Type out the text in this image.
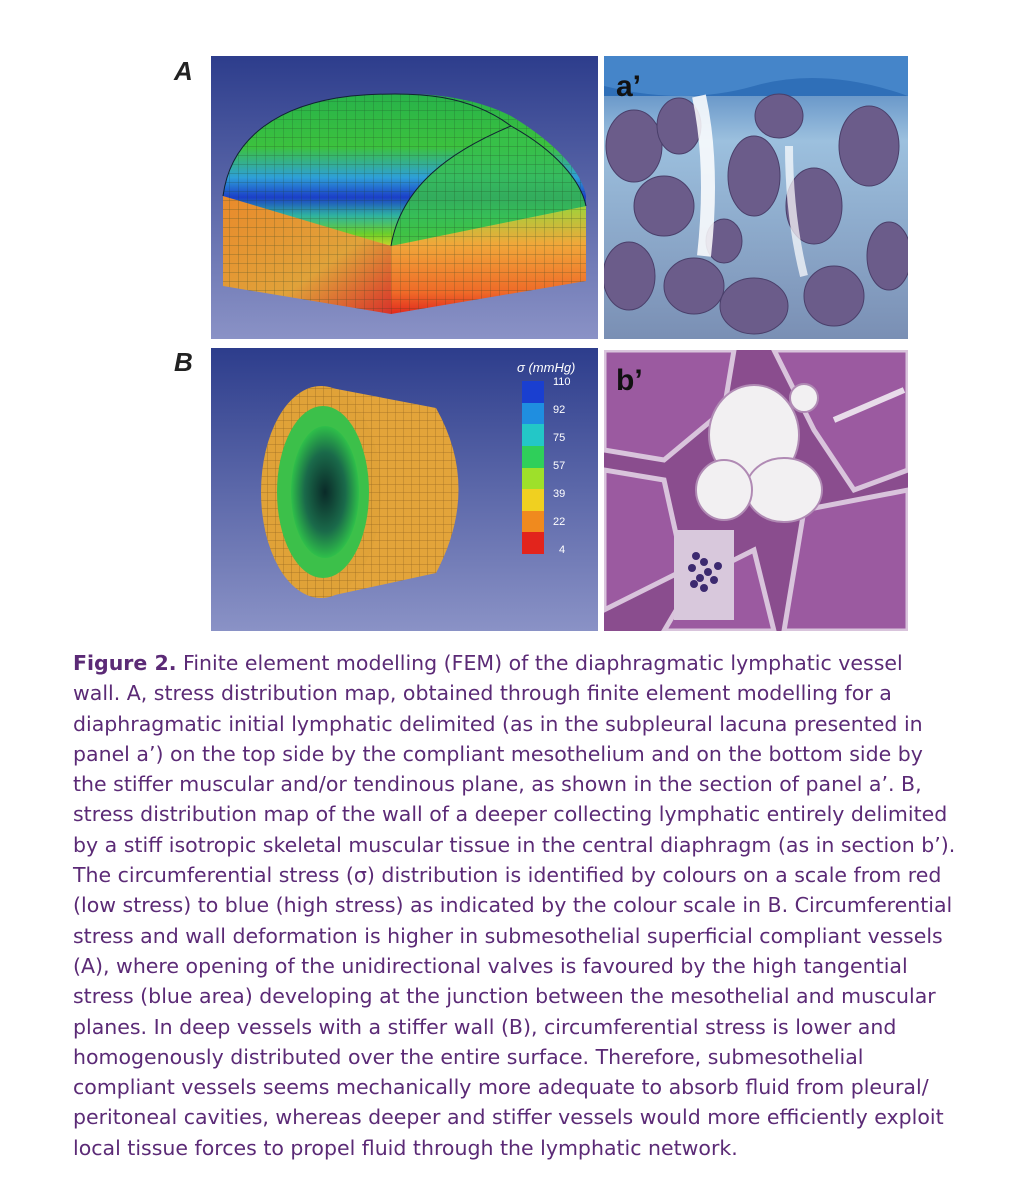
A
B
a’
σ (mmHg)
110
92
75
57
39
22
4
b’
Figure 2. Finite element modelling (FEM) of the diaphragmatic lymphatic vessel
wall. A, stress distribution map, obtained through finite element modelling for a
diaphragmatic initial lymphatic delimited (as in the subpleural lacuna presented in
panel a’) on the top side by the compliant mesothelium and on the bottom side by
the stiffer muscular and/or tendinous plane, as shown in the section of panel a’. B,
stress distribution map of the wall of a deeper collecting lymphatic entirely delimited
by a stiff isotropic skeletal muscular tissue in the central diaphragm (as in section b’).
The circumferential stress (σ) distribution is identified by colours on a scale from red
(low stress) to blue (high stress) as indicated by the colour scale in B. Circumferential
stress and wall deformation is higher in submesothelial superficial compliant vessels
(A), where opening of the unidirectional valves is favoured by the high tangential
stress (blue area) developing at the junction between the mesothelial and muscular
planes. In deep vessels with a stiffer wall (B), circumferential stress is lower and
homogenously distributed over the entire surface. Therefore, submesothelial
compliant vessels seems mechanically more adequate to absorb fluid from pleural/
peritoneal cavities, whereas deeper and stiffer vessels would more efficiently exploit
local tissue forces to propel fluid through the lymphatic network.
